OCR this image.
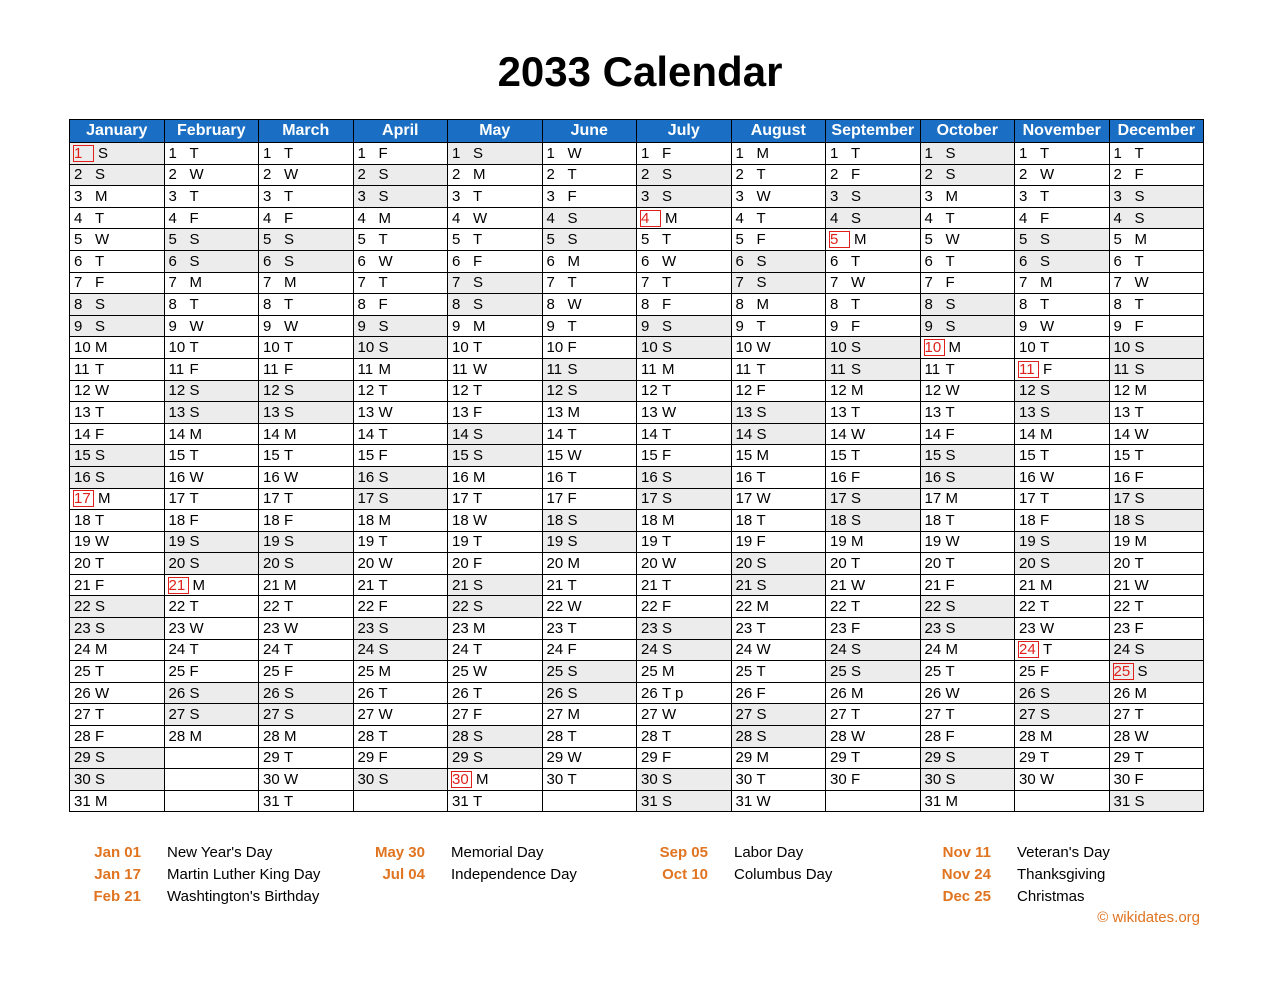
2033 Calendar
January	February	March	April	May	June	July	August	September	October	November	December
1 S	1 T	1 T	1 F	1 S	1 W	1 F	1 M	1 T	1 S	1 T	1 T
2 S	2 W	2 W	2 S	2 M	2 T	2 S	2 T	2 F	2 S	2 W	2 F
3 M	3 T	3 T	3 S	3 T	3 F	3 S	3 W	3 S	3 M	3 T	3 S
4 T	4 F	4 F	4 M	4 W	4 S	4 M	4 T	4 S	4 T	4 F	4 S
5 W	5 S	5 S	5 T	5 T	5 S	5 T	5 F	5 M	5 W	5 S	5 M
6 T	6 S	6 S	6 W	6 F	6 M	6 W	6 S	6 T	6 T	6 S	6 T
7 F	7 M	7 M	7 T	7 S	7 T	7 T	7 S	7 W	7 F	7 M	7 W
8 S	8 T	8 T	8 F	8 S	8 W	8 F	8 M	8 T	8 S	8 T	8 T
9 S	9 W	9 W	9 S	9 M	9 T	9 S	9 T	9 F	9 S	9 W	9 F
10 M	10 T	10 T	10 S	10 T	10 F	10 S	10 W	10 S	10 M	10 T	10 S
11 T	11 F	11 F	11 M	11 W	11 S	11 M	11 T	11 S	11 T	11 F	11 S
12 W	12 S	12 S	12 T	12 T	12 S	12 T	12 F	12 M	12 W	12 S	12 M
13 T	13 S	13 S	13 W	13 F	13 M	13 W	13 S	13 T	13 T	13 S	13 T
14 F	14 M	14 M	14 T	14 S	14 T	14 T	14 S	14 W	14 F	14 M	14 W
15 S	15 T	15 T	15 F	15 S	15 W	15 F	15 M	15 T	15 S	15 T	15 T
16 S	16 W	16 W	16 S	16 M	16 T	16 S	16 T	16 F	16 S	16 W	16 F
17 M	17 T	17 T	17 S	17 T	17 F	17 S	17 W	17 S	17 M	17 T	17 S
18 T	18 F	18 F	18 M	18 W	18 S	18 M	18 T	18 S	18 T	18 F	18 S
19 W	19 S	19 S	19 T	19 T	19 S	19 T	19 F	19 M	19 W	19 S	19 M
20 T	20 S	20 S	20 W	20 F	20 M	20 W	20 S	20 T	20 T	20 S	20 T
21 F	21 M	21 M	21 T	21 S	21 T	21 T	21 S	21 W	21 F	21 M	21 W
22 S	22 T	22 T	22 F	22 S	22 W	22 F	22 M	22 T	22 S	22 T	22 T
23 S	23 W	23 W	23 S	23 M	23 T	23 S	23 T	23 F	23 S	23 W	23 F
24 M	24 T	24 T	24 S	24 T	24 F	24 S	24 W	24 S	24 M	24 T	24 S
25 T	25 F	25 F	25 M	25 W	25 S	25 M	25 T	25 S	25 T	25 F	25 S
26 W	26 S	26 S	26 T	26 T	26 S	26 T p	26 F	26 M	26 W	26 S	26 M
27 T	27 S	27 S	27 W	27 F	27 M	27 W	27 S	27 T	27 T	27 S	27 T
28 F	28 M	28 M	28 T	28 S	28 T	28 T	28 S	28 W	28 F	28 M	28 W
29 S		29 T	29 F	29 S	29 W	29 F	29 M	29 T	29 S	29 T	29 T
30 S		30 W	30 S	30 M	30 T	30 S	30 T	30 F	30 S	30 W	30 F
31 M		31 T		31 T		31 S	31 W		31 M		31 S
Jan 01 New Year's Day
Jan 17 Martin Luther King Day
Feb 21 Washtington's Birthday
May 30 Memorial Day
Jul 04 Independence Day
Sep 05 Labor Day
Oct 10 Columbus Day
Nov 11 Veteran's Day
Nov 24 Thanksgiving
Dec 25 Christmas
© wikidates.org
